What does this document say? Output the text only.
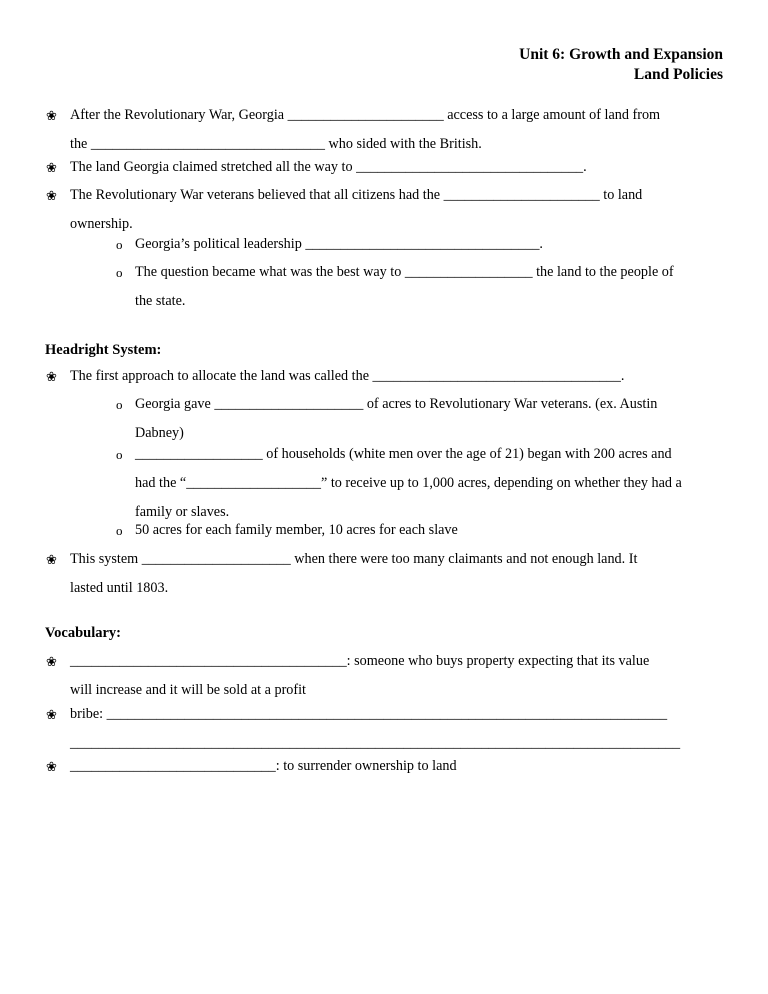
Unit 6: Growth and Expansion
Land Policies
❀ After the Revolutionary War, Georgia ______________________ access to a large amount of land from
the _________________________________ who sided with the British.
❀ The land Georgia claimed stretched all the way to ________________________________.
❀ The Revolutionary War veterans believed that all citizens had the ______________________ to land
ownership.
o Georgia’s political leadership _________________________________.
o The question became what was the best way to __________________ the land to the people of
the state.
Headright System:
❀ The first approach to allocate the land was called the ___________________________________.
o Georgia gave _____________________ of acres to Revolutionary War veterans. (ex. Austin
Dabney)
o __________________ of households (white men over the age of 21) began with 200 acres and
had the “___________________” to receive up to 1,000 acres, depending on whether they had a
family or slaves.
o 50 acres for each family member, 10 acres for each slave
❀ This system _____________________ when there were too many claimants and not enough land. It
lasted until 1803.
Vocabulary:
❀ _______________________________________: someone who buys property expecting that its value
will increase and it will be sold at a profit
❀ bribe: _______________________________________________________________________________
______________________________________________________________________________________
❀ _____________________________: to surrender ownership to land
